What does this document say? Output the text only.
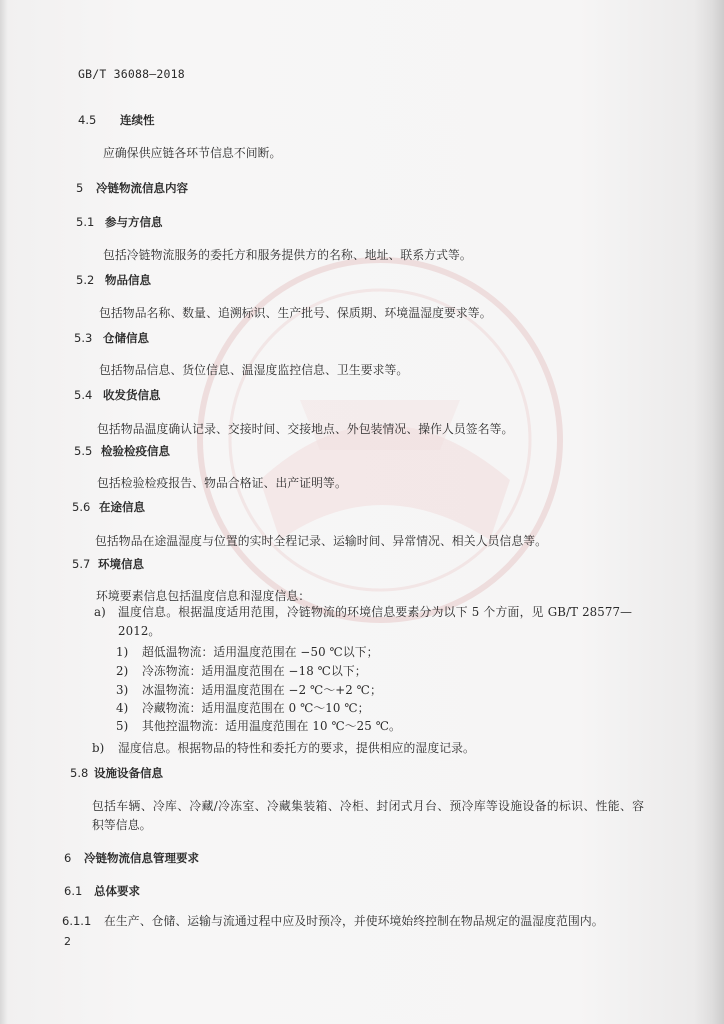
GB/T 36088—2018
4.5 连续性
应确保供应链各环节信息不间断。
5 冷链物流信息内容
5.1 参与方信息
包括冷链物流服务的委托方和服务提供方的名称、地址、联系方式等。
5.2 物品信息
包括物品名称、数量、追溯标识、生产批号、保质期、环境温湿度要求等。
5.3 仓储信息
包括物品信息、货位信息、温湿度监控信息、卫生要求等。
5.4 收发货信息
包括物品温度确认记录、交接时间、交接地点、外包装情况、操作人员签名等。
5.5 检验检疫信息
包括检验检疫报告、物品合格证、出产证明等。
5.6 在途信息
包括物品在途温湿度与位置的实时全程记录、运输时间、异常情况、相关人员信息等。
5.7 环境信息
环境要素信息包括温度信息和湿度信息：
a) 温度信息。根据温度适用范围，冷链物流的环境信息要素分为以下 5 个方面，见 GB/T 28577—
2012。
1) 超低温物流：适用温度范围在 −50 ℃以下；
2) 冷冻物流：适用温度范围在 −18 ℃以下；
3) 冰温物流：适用温度范围在 −2 ℃～+2 ℃；
4) 冷藏物流：适用温度范围在 0 ℃～10 ℃；
5) 其他控温物流：适用温度范围在 10 ℃～25 ℃。
b) 湿度信息。根据物品的特性和委托方的要求，提供相应的湿度记录。
5.8 设施设备信息
包括车辆、冷库、冷藏/冷冻室、冷藏集装箱、冷柜、封闭式月台、预冷库等设施设备的标识、性能、容
积等信息。
6 冷链物流信息管理要求
6.1 总体要求
6.1.1 在生产、仓储、运输与流通过程中应及时预冷，并使环境始终控制在物品规定的温湿度范围内。
2
